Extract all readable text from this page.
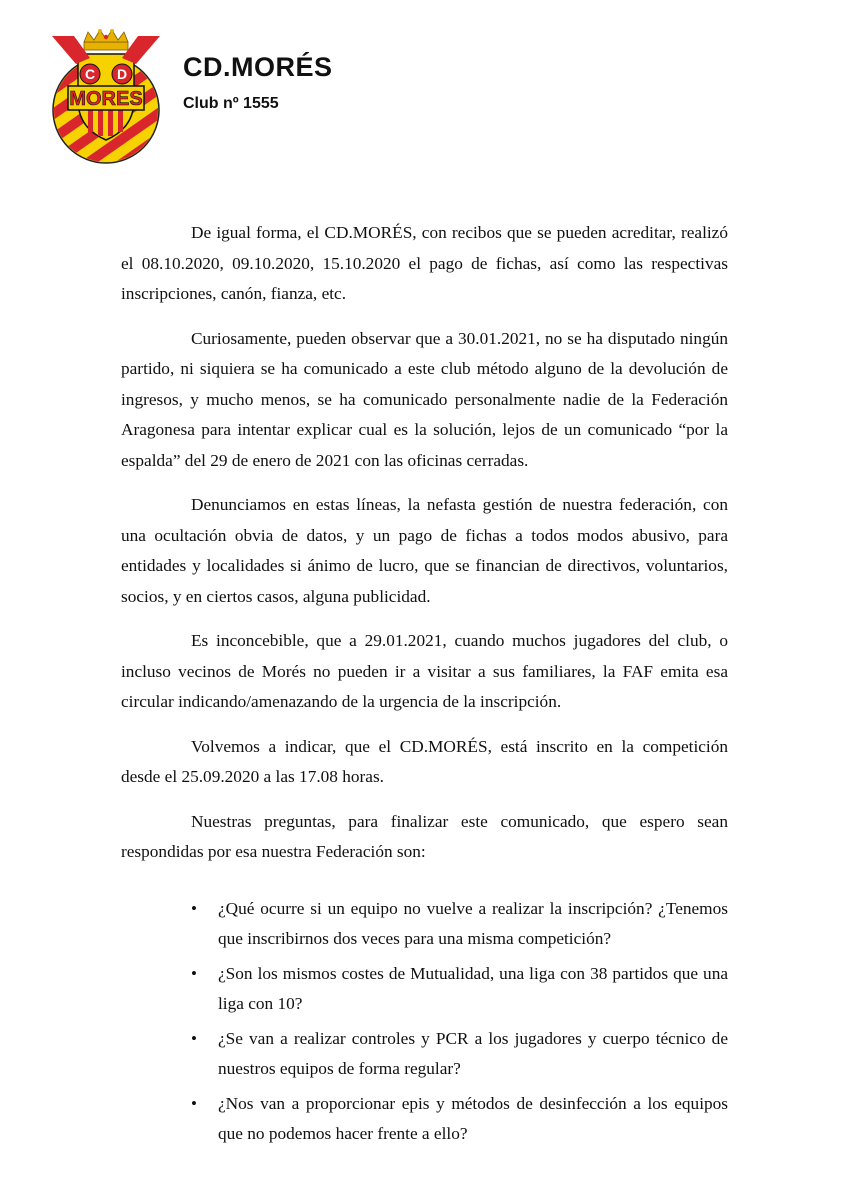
C D
MORES
CD.MORÉS
Club nº 1555

De igual forma, el CD.MORÉS, con recibos que se pueden acreditar, realizó el 08.10.2020, 09.10.2020, 15.10.2020 el pago de fichas, así como las respectivas inscripciones, canón, fianza, etc.

Curiosamente, pueden observar que a 30.01.2021, no se ha disputado ningún partido, ni siquiera se ha comunicado a este club método alguno de la devolución de ingresos, y mucho menos, se ha comunicado personalmente nadie de la Federación Aragonesa para intentar explicar cual es la solución, lejos de un comunicado “por la espalda” del 29 de enero de 2021 con las oficinas cerradas.

Denunciamos en estas líneas, la nefasta gestión de nuestra federación, con una ocultación obvia de datos, y un pago de fichas a todos modos abusivo, para entidades y localidades si ánimo de lucro, que se financian de directivos, voluntarios, socios, y en ciertos casos, alguna publicidad.

Es inconcebible, que a 29.01.2021, cuando muchos jugadores del club, o incluso vecinos de Morés no pueden ir a visitar a sus familiares, la FAF emita esa circular indicando/amenazando de la urgencia de la inscripción.

Volvemos a indicar, que el CD.MORÉS, está inscrito en la competición desde el 25.09.2020 a las 17.08 horas.

Nuestras preguntas, para finalizar este comunicado, que espero sean respondidas por esa nuestra Federación son:

• ¿Qué ocurre si un equipo no vuelve a realizar la inscripción? ¿Tenemos que inscribirnos dos veces para una misma competición?
• ¿Son los mismos costes de Mutualidad, una liga con 38 partidos que una liga con 10?
• ¿Se van a realizar controles y PCR a los jugadores y cuerpo técnico de nuestros equipos de forma regular?
• ¿Nos van a proporcionar epis y métodos de desinfección a los equipos que no podemos hacer frente a ello?
